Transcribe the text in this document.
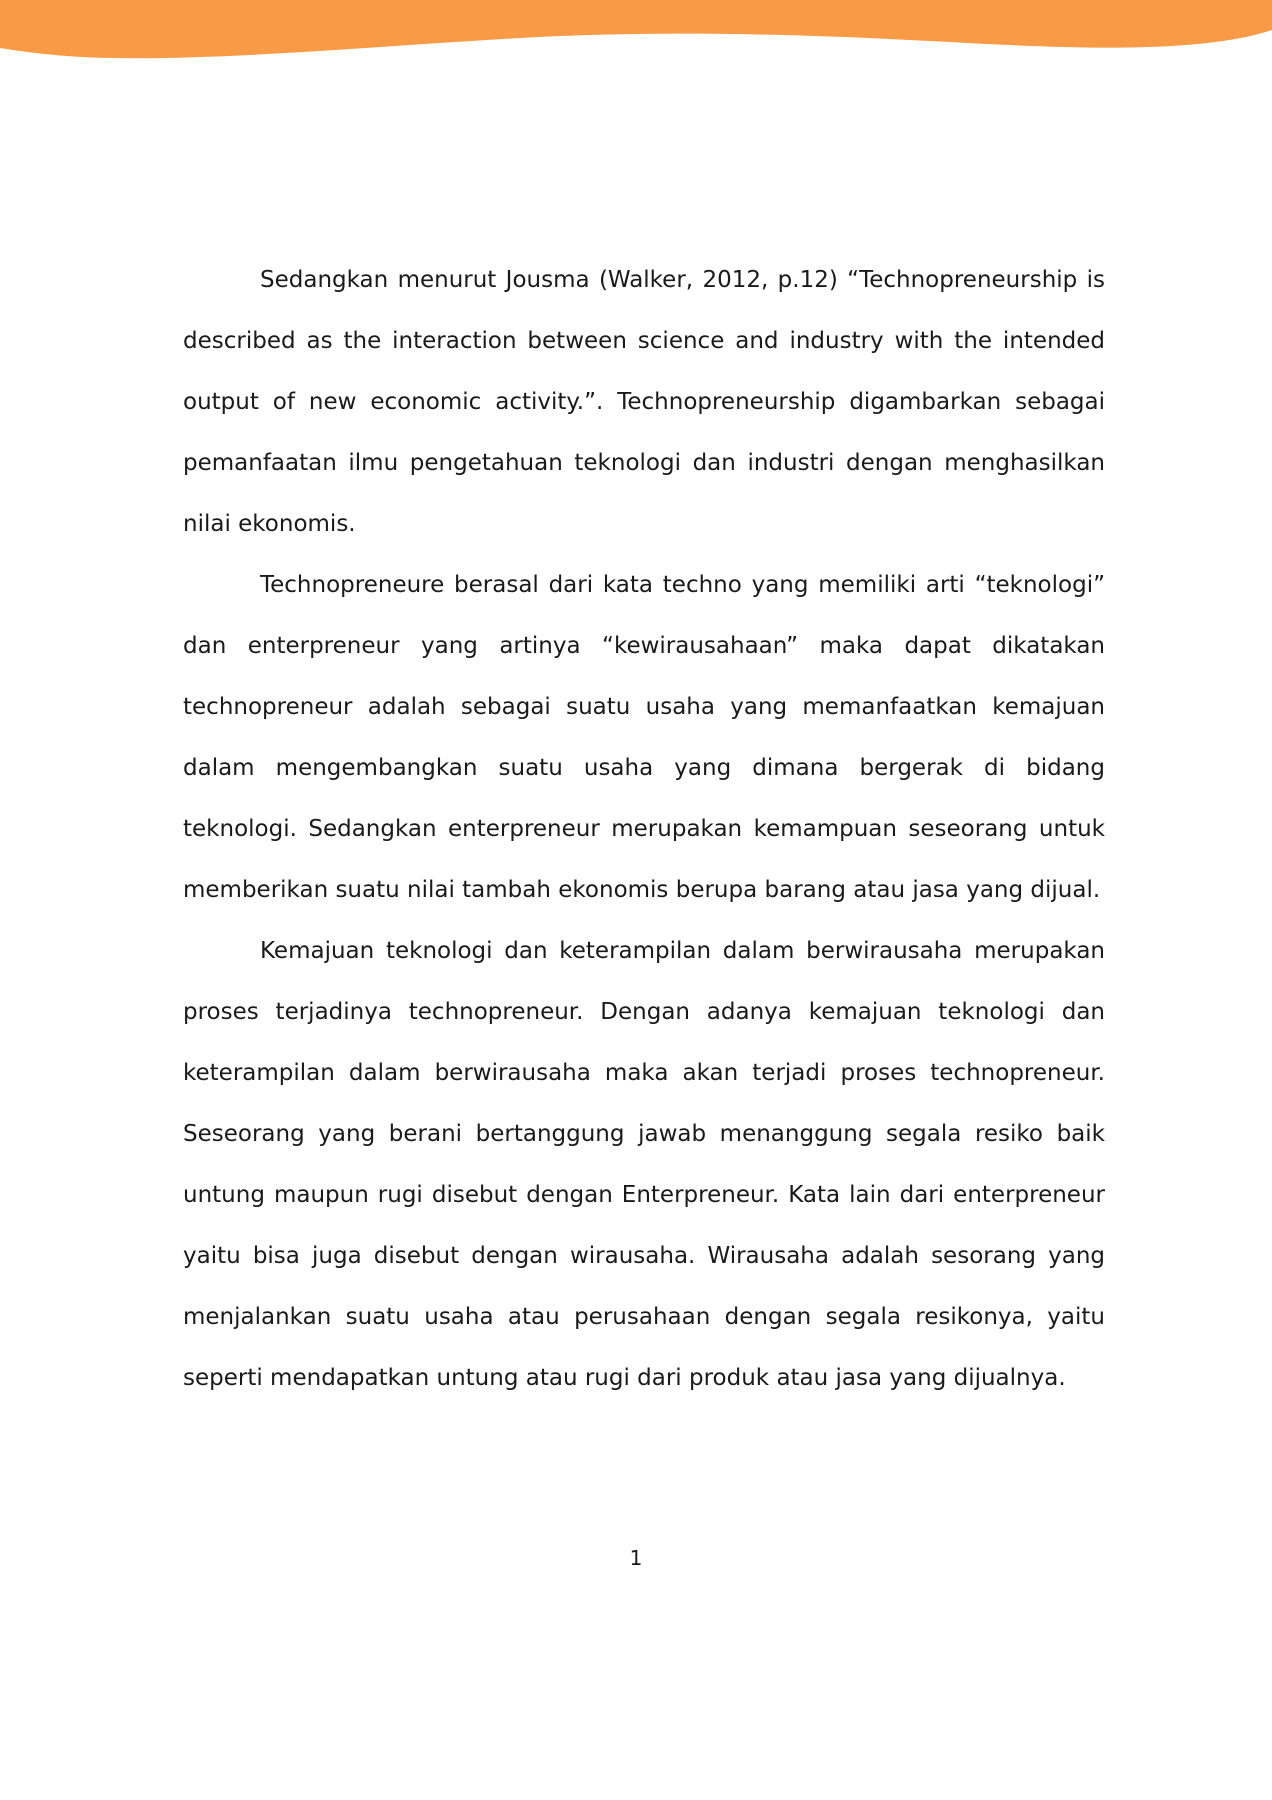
Sedangkan menurut Jousma (Walker, 2012, p.12) “Technopreneurship is described as the interaction between science and industry with the intended output of new economic activity.”. Technopreneurship digambarkan sebagai pemanfaatan ilmu pengetahuan teknologi dan industri dengan menghasilkan nilai ekonomis.

Technopreneure berasal dari kata techno yang memiliki arti “teknologi” dan enterpreneur yang artinya “kewirausahaan” maka dapat dikatakan technopreneur adalah sebagai suatu usaha yang memanfaatkan kemajuan dalam mengembangkan suatu usaha yang dimana bergerak di bidang teknologi. Sedangkan enterpreneur merupakan kemampuan seseorang untuk memberikan suatu nilai tambah ekonomis berupa barang atau jasa yang dijual.

Kemajuan teknologi dan keterampilan dalam berwirausaha merupakan proses terjadinya technopreneur. Dengan adanya kemajuan teknologi dan keterampilan dalam berwirausaha maka akan terjadi proses technopreneur. Seseorang yang berani bertanggung jawab menanggung segala resiko baik untung maupun rugi disebut dengan Enterpreneur. Kata lain dari enterpreneur yaitu bisa juga disebut dengan wirausaha. Wirausaha adalah sesorang yang menjalankan suatu usaha atau perusahaan dengan segala resikonya, yaitu seperti mendapatkan untung atau rugi dari produk atau jasa yang dijualnya.

1
